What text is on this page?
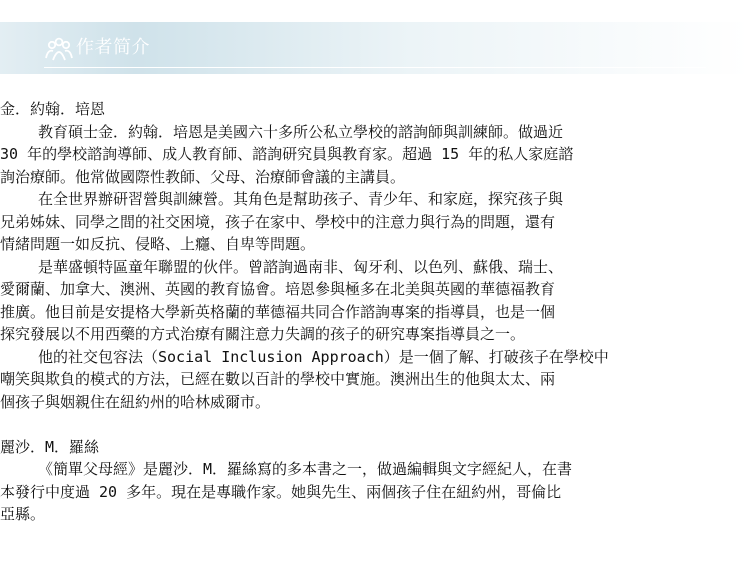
作者简介
金．約翰．培恩
教育碩士金．約翰．培恩是美國六十多所公私立學校的諮詢師與訓練師。做過近
30 年的學校諮詢導師、成人教育師、諮詢研究員與教育家。超過 15 年的私人家庭諮
詢治療師。他常做國際性教師、父母、治療師會議的主講員。
在全世界辦研習營與訓練營。其角色是幫助孩子、青少年、和家庭，探究孩子與
兄弟姊妹、同學之間的社交困境，孩子在家中、學校中的注意力與行為的問題，還有
情緒問題一如反抗、侵略、上癮、自卑等問題。
是華盛頓特區童年聯盟的伙伴。曾諮詢過南非、匈牙利、以色列、蘇俄、瑞士、
愛爾蘭、加拿大、澳洲、英國的教育協會。培恩參與極多在北美與英國的華德福教育
推廣。他目前是安提格大學新英格蘭的華德福共同合作諮詢專案的指導員，也是一個
探究發展以不用西藥的方式治療有關注意力失調的孩子的研究專案指導員之一。
他的社交包容法（Social Inclusion Approach）是一個了解、打破孩子在學校中
嘲笑與欺負的模式的方法，已經在數以百計的學校中實施。澳洲出生的他與太太、兩
個孩子與姻親住在紐約州的哈林威爾市。
麗沙．M．羅絲
《簡單父母經》是麗沙．M．羅絲寫的多本書之一，做過編輯與文字經紀人，在書
本發行中度過 20 多年。現在是專職作家。她與先生、兩個孩子住在紐約州，哥倫比
亞縣。
